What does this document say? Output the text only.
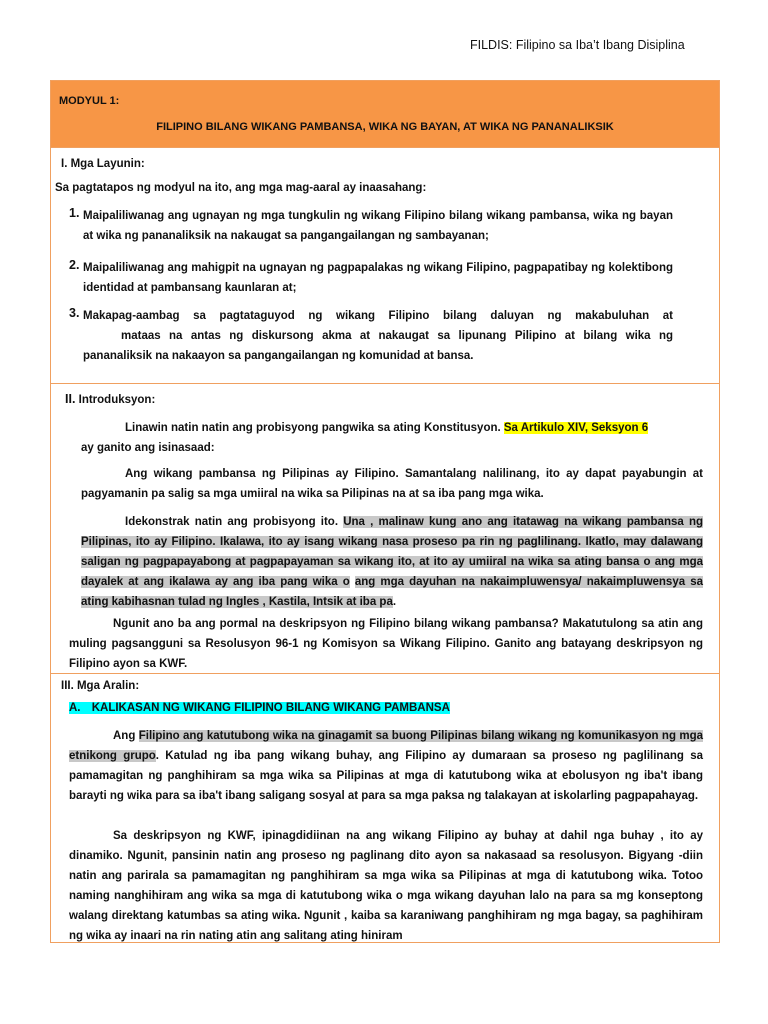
FILDIS: Filipino sa Iba’t Ibang Disiplina
MODYUL 1:
FILIPINO BILANG WIKANG PAMBANSA, WIKA NG BAYAN, AT WIKA NG PANANALIKSIK

I. Mga Layunin:

Sa pagtatapos ng modyul na ito, ang mga mag-aaral ay inaasahang:

1. Maipaliliwanag ang ugnayan ng mga tungkulin ng wikang Filipino bilang wikang pambansa, wika ng bayan at wika ng pananaliksik na nakaugat sa pangangailangan ng sambayanan;

2. Maipaliliwanag ang mahigpit na ugnayan ng pagpapalakas ng wikang Filipino, pagpapatibay ng kolektibong identidad at pambansang kaunlaran at;

3. Makapag-aambag sa pagtataguyod ng wikang Filipino bilang daluyan ng makabuluhan at

mataas na antas ng diskursong akma at nakaugat sa lipunang Pilipino at bilang wika ng

pananaliksik na nakaayon sa pangangailangan ng komunidad at bansa.

II. Introduksyon:

Linawin natin natin ang probisyong pangwika sa ating Konstitusyon. Sa Artikulo XIV, Seksyon 6
ay ganito ang isinasaad:

Ang wikang pambansa ng Pilipinas ay Filipino. Samantalang nalilinang, ito ay dapat payabungin at pagyamanin pa salig sa mga umiiral na wika sa Pilipinas na at sa iba pang mga wika.

Idekonstrak natin ang probisyong ito. Una , malinaw kung ano ang itatawag na wikang pambansa ng Pilipinas, ito ay Filipino. Ikalawa, ito ay isang wikang nasa proseso pa rin ng paglilinang. Ikatlo, may dalawang saligan ng pagpapayabong at pagpapayaman sa wikang ito, at ito ay umiiral na wika sa ating bansa o ang mga dayalek at ang ikalawa ay ang iba pang wika o ang mga dayuhan na nakaimpluwensya/ nakaimpluwensya sa ating kabihasnan tulad ng Ingles , Kastila, Intsik at iba pa.

Ngunit ano ba ang pormal na deskripsyon ng Filipino bilang wikang pambansa? Makatutulong sa atin ang muling pagsangguni sa Resolusyon 96-1 ng Komisyon sa Wikang Filipino. Ganito ang batayang deskripsyon ng Filipino ayon sa KWF.

III. Mga Aralin:

A. KALIKASAN NG WIKANG FILIPINO BILANG WIKANG PAMBANSA

Ang Filipino ang katutubong wika na ginagamit sa buong Pilipinas bilang wikang ng komunikasyon ng mga etnikong grupo. Katulad ng iba pang wikang buhay, ang Filipino ay dumaraan sa proseso ng paglilinang sa pamamagitan ng panghihiram sa mga wika sa Pilipinas at mga di katutubong wika at ebolusyon ng iba't ibang barayti ng wika para sa iba't ibang saligang sosyal at para sa mga paksa ng talakayan at iskolarling pagpapahayag.

Sa deskripsyon ng KWF, ipinagdidiinan na ang wikang Filipino ay buhay at dahil nga buhay , ito ay dinamiko. Ngunit, pansinin natin ang proseso ng paglinang dito ayon sa nakasaad sa resolusyon. Bigyang -diin natin ang parirala sa pamamagitan ng panghihiram sa mga wika sa Pilipinas at mga di katutubong wika. Totoo naming nanghihiram ang wika sa mga di katutubong wika o mga wikang dayuhan lalo na para sa mg konseptong walang direktang katumbas sa ating wika. Ngunit , kaiba sa karaniwang panghihiram ng mga bagay, sa paghihiram ng wika ay inaari na rin nating atin ang salitang ating hiniram
